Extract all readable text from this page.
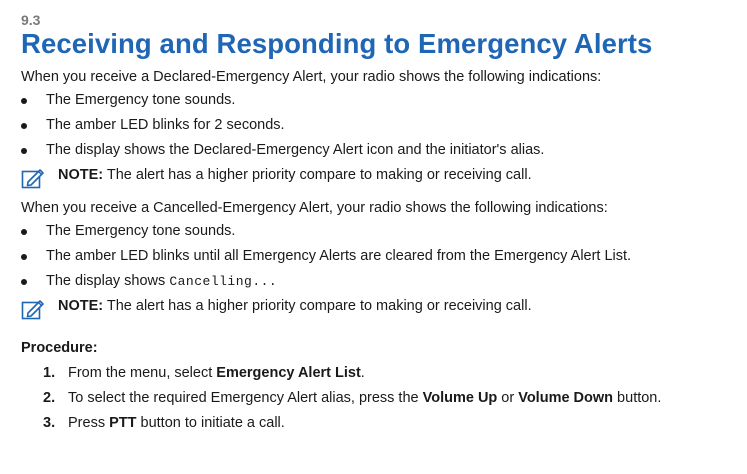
9.3
Receiving and Responding to Emergency Alerts

When you receive a Declared-Emergency Alert, your radio shows the following indications:

The Emergency tone sounds.
The amber LED blinks for 2 seconds.
The display shows the Declared-Emergency Alert icon and the initiator's alias.
NOTE: The alert has a higher priority compare to making or receiving call.

When you receive a Cancelled-Emergency Alert, your radio shows the following indications:

The Emergency tone sounds.
The amber LED blinks until all Emergency Alerts are cleared from the Emergency Alert List.
The display shows Cancelling...
NOTE: The alert has a higher priority compare to making or receiving call.
Procedure:
1. From the menu, select Emergency Alert List.
2. To select the required Emergency Alert alias, press the Volume Up or Volume Down button.
3. Press PTT button to initiate a call.
